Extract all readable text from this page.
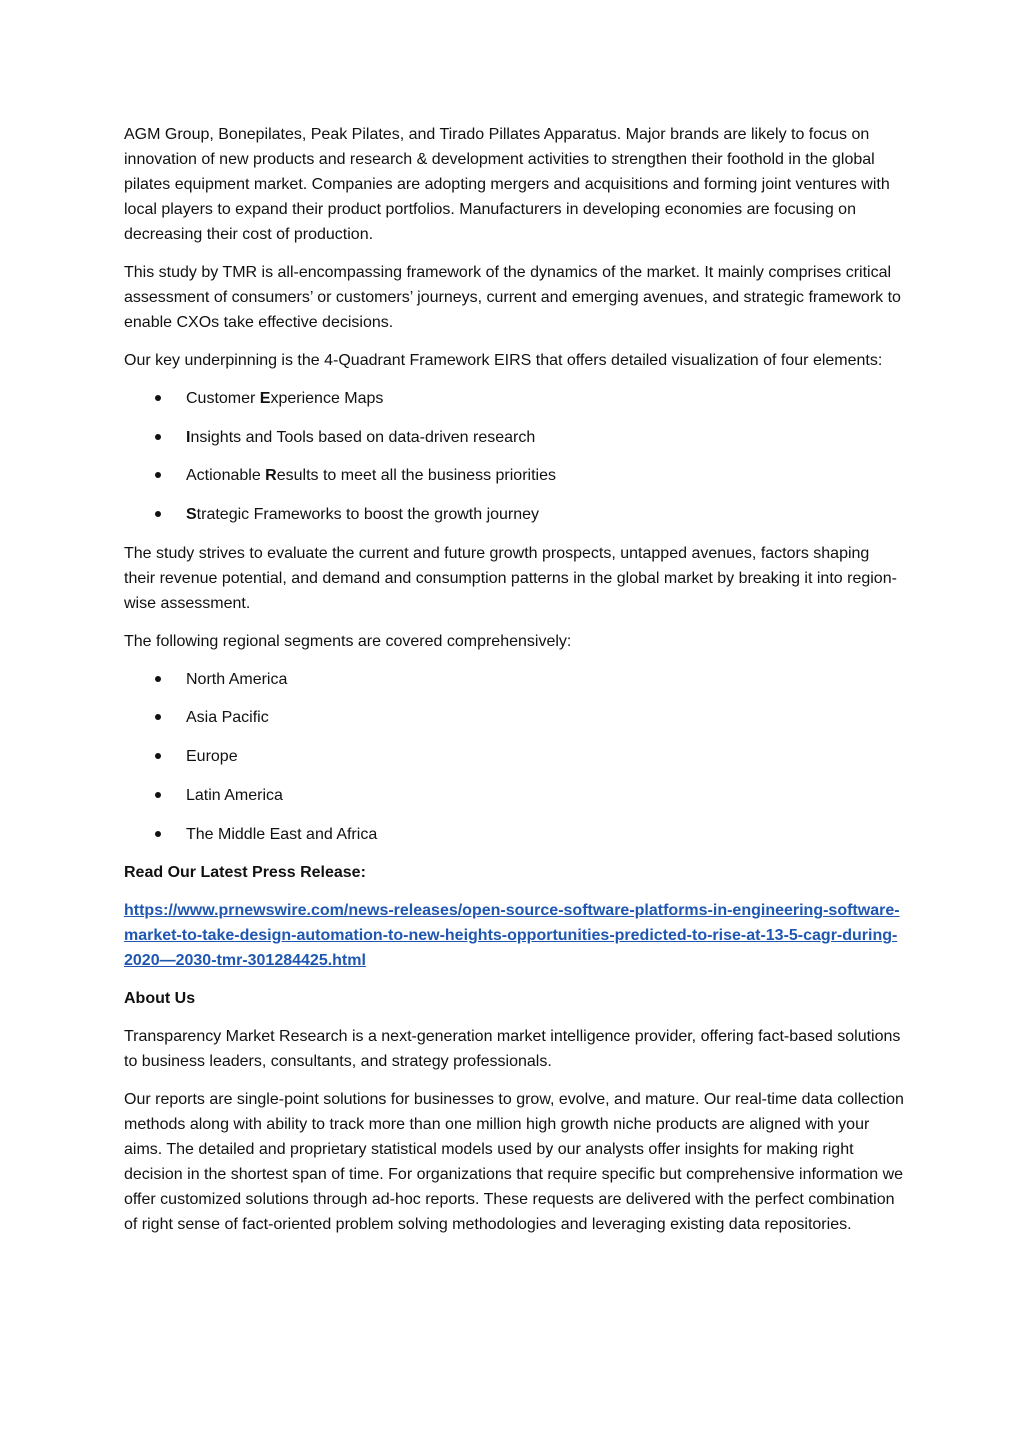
AGM Group, Bonepilates, Peak Pilates, and Tirado Pillates Apparatus. Major brands are likely to focus on innovation of new products and research & development activities to strengthen their foothold in the global pilates equipment market. Companies are adopting mergers and acquisitions and forming joint ventures with local players to expand their product portfolios. Manufacturers in developing economies are focusing on decreasing their cost of production.

This study by TMR is all-encompassing framework of the dynamics of the market. It mainly comprises critical assessment of consumers’ or customers’ journeys, current and emerging avenues, and strategic framework to enable CXOs take effective decisions.

Our key underpinning is the 4-Quadrant Framework EIRS that offers detailed visualization of four elements:

Customer Experience Maps
Insights and Tools based on data-driven research
Actionable Results to meet all the business priorities
Strategic Frameworks to boost the growth journey

The study strives to evaluate the current and future growth prospects, untapped avenues, factors shaping their revenue potential, and demand and consumption patterns in the global market by breaking it into region-wise assessment.

The following regional segments are covered comprehensively:

North America
Asia Pacific
Europe
Latin America
The Middle East and Africa

Read Our Latest Press Release:

https://www.prnewswire.com/news-releases/open-source-software-platforms-in-engineering-software-market-to-take-design-automation-to-new-heights-opportunities-predicted-to-rise-at-13-5-cagr-during-2020—2030-tmr-301284425.html

About Us

Transparency Market Research is a next-generation market intelligence provider, offering fact-based solutions to business leaders, consultants, and strategy professionals.

Our reports are single-point solutions for businesses to grow, evolve, and mature. Our real-time data collection methods along with ability to track more than one million high growth niche products are aligned with your aims. The detailed and proprietary statistical models used by our analysts offer insights for making right decision in the shortest span of time. For organizations that require specific but comprehensive information we offer customized solutions through ad-hoc reports. These requests are delivered with the perfect combination of right sense of fact-oriented problem solving methodologies and leveraging existing data repositories.
